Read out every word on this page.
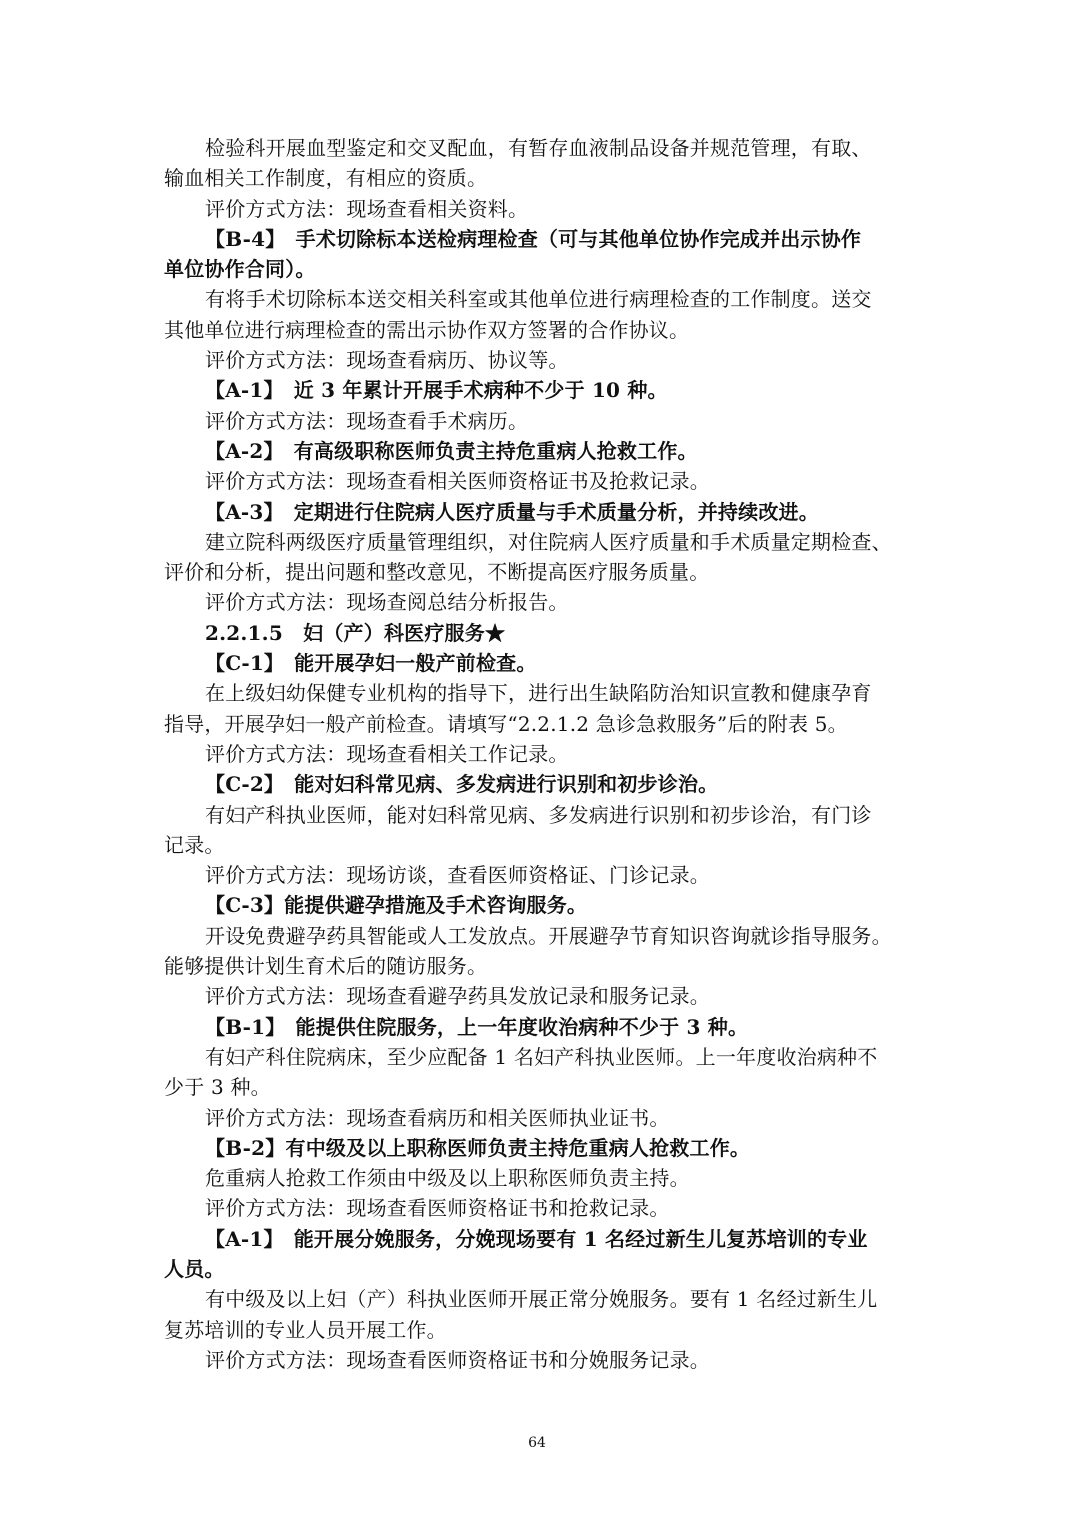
检验科开展血型鉴定和交叉配血，有暂存血液制品设备并规范管理，有取、
输血相关工作制度，有相应的资质。
评价方式方法：现场查看相关资料。
【B-4】 手术切除标本送检病理检查（可与其他单位协作完成并出示协作
单位协作合同）。
有将手术切除标本送交相关科室或其他单位进行病理检查的工作制度。送交
其他单位进行病理检查的需出示协作双方签署的合作协议。
评价方式方法：现场查看病历、协议等。
【A-1】 近 3 年累计开展手术病种不少于 10 种。
评价方式方法：现场查看手术病历。
【A-2】 有高级职称医师负责主持危重病人抢救工作。
评价方式方法：现场查看相关医师资格证书及抢救记录。
【A-3】 定期进行住院病人医疗质量与手术质量分析，并持续改进。
建立院科两级医疗质量管理组织，对住院病人医疗质量和手术质量定期检查、
评价和分析，提出问题和整改意见，不断提高医疗服务质量。
评价方式方法：现场查阅总结分析报告。
2.2.1.5　妇（产）科医疗服务★
【C-1】 能开展孕妇一般产前检查。
在上级妇幼保健专业机构的指导下，进行出生缺陷防治知识宣教和健康孕育
指导，开展孕妇一般产前检查。请填写“2.2.1.2 急诊急救服务”后的附表 5。
评价方式方法：现场查看相关工作记录。
【C-2】 能对妇科常见病、多发病进行识别和初步诊治。
有妇产科执业医师，能对妇科常见病、多发病进行识别和初步诊治，有门诊
记录。
评价方式方法：现场访谈，查看医师资格证、门诊记录。
【C-3】能提供避孕措施及手术咨询服务。
开设免费避孕药具智能或人工发放点。开展避孕节育知识咨询就诊指导服务。
能够提供计划生育术后的随访服务。
评价方式方法：现场查看避孕药具发放记录和服务记录。
【B-1】 能提供住院服务，上一年度收治病种不少于 3 种。
有妇产科住院病床，至少应配备 1 名妇产科执业医师。上一年度收治病种不
少于 3 种。
评价方式方法：现场查看病历和相关医师执业证书。
【B-2】有中级及以上职称医师负责主持危重病人抢救工作。
危重病人抢救工作须由中级及以上职称医师负责主持。
评价方式方法：现场查看医师资格证书和抢救记录。
【A-1】 能开展分娩服务，分娩现场要有 1 名经过新生儿复苏培训的专业
人员。
有中级及以上妇（产）科执业医师开展正常分娩服务。要有 1 名经过新生儿
复苏培训的专业人员开展工作。
评价方式方法：现场查看医师资格证书和分娩服务记录。
64
